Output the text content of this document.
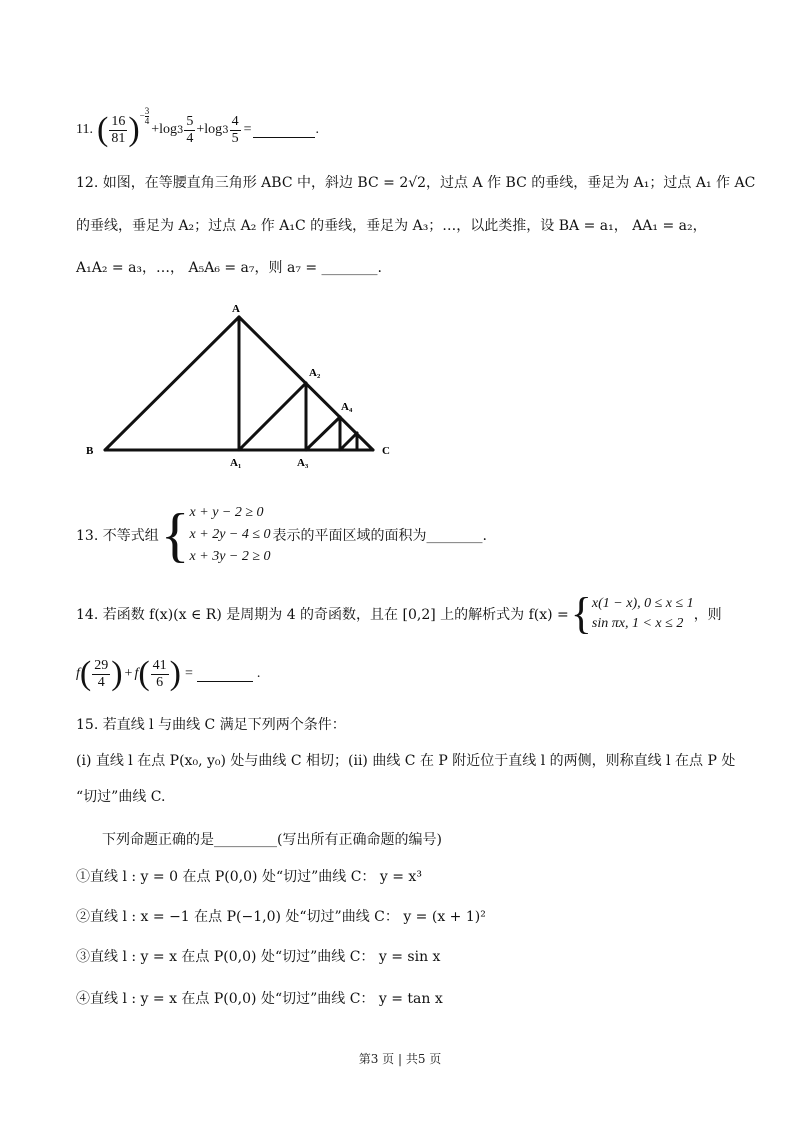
11. ( $\frac{16}{81}$ ) − $\frac{3}{4}$
+log $3 \frac{5}{4} +\log$ $3 \frac{4}{5}$ =	.
12. 如图，在等腰直角三角形 ABC 中，斜边 BC = 2√2，过点 A 作 BC 的垂线，垂足为 A₁；过点 A₁ 作 AC
的垂线，垂足为 A₂；过点 A₂ 作 A₁C 的垂线，垂足为 A₃；…，以此类推，设 BA = a₁， AA₁ = a₂，
A₁A₂ = a₃，…， A₅A₆ = a₇，则 a₇ = ________.
A
B	C
A₁
A₂
A₃
A₄
13. 不等式组 { x + y − 2 ≥ 0
x + 2y − 4 ≤ 0
x + 3y − 2 ≥ 0
表示的平面区域的面积为________.
14. 若函数 f(x)(x ∈ R) 是周期为 4 的奇函数，且在 [0,2] 上的解析式为 f(x) = { x(1 − x), 0 ≤ x ≤ 1
sin πx, 1 < x ≤ 2
，则
f ( $\frac{29}{4}$ ) + f ( $\frac{41}{6}$ ) =	.
15. 若直线 l 与曲线 C 满足下列两个条件：
(i) 直线 l 在点 P(x₀, y₀) 处与曲线 C 相切；(ii) 曲线 C 在 P 附近位于直线 l 的两侧，则称直线 l 在点 P 处
“切过”曲线 C.
下列命题正确的是_________(写出所有正确命题的编号)
①直线 l : y = 0 在点 P(0,0) 处“切过”曲线 C： y = x³
②直线 l : x = −1 在点 P(−1,0) 处“切过”曲线 C： y = (x + 1)²
③直线 l : y = x 在点 P(0,0) 处“切过”曲线 C： y = sin x
④直线 l : y = x 在点 P(0,0) 处“切过”曲线 C： y = tan x
第3 页 | 共5 页
